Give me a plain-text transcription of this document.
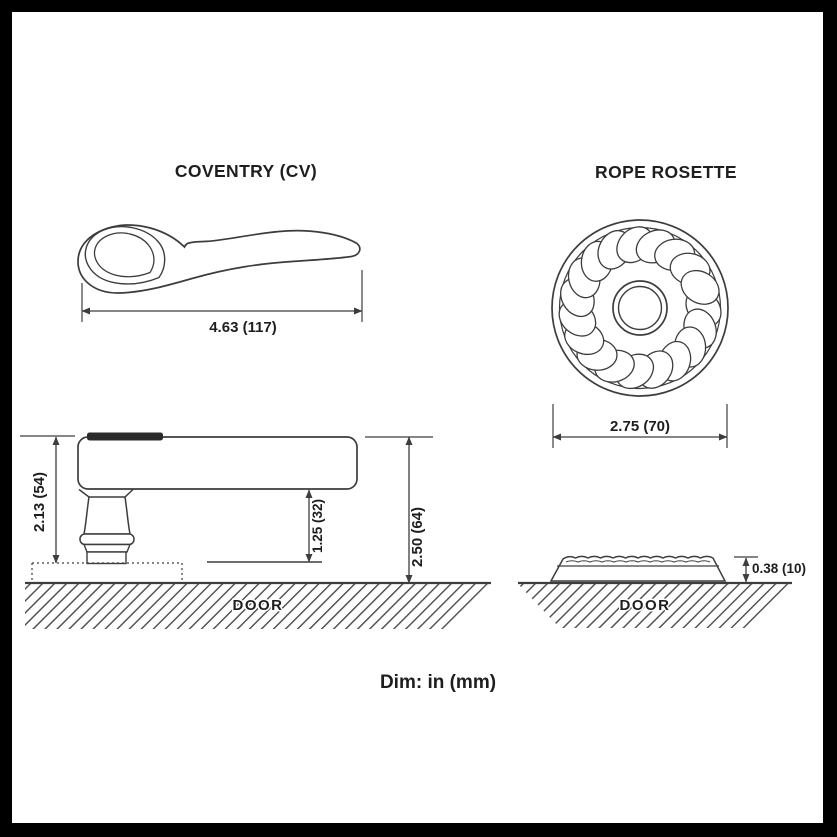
COVENTRY (CV)
4.63 (117)
ROPE ROSETTE
2.75 (70)
2.13 (54)	1.25 (32)	2.50 (64)
DOOR	DOOR
0.38 (10)
Dim: in (mm)
